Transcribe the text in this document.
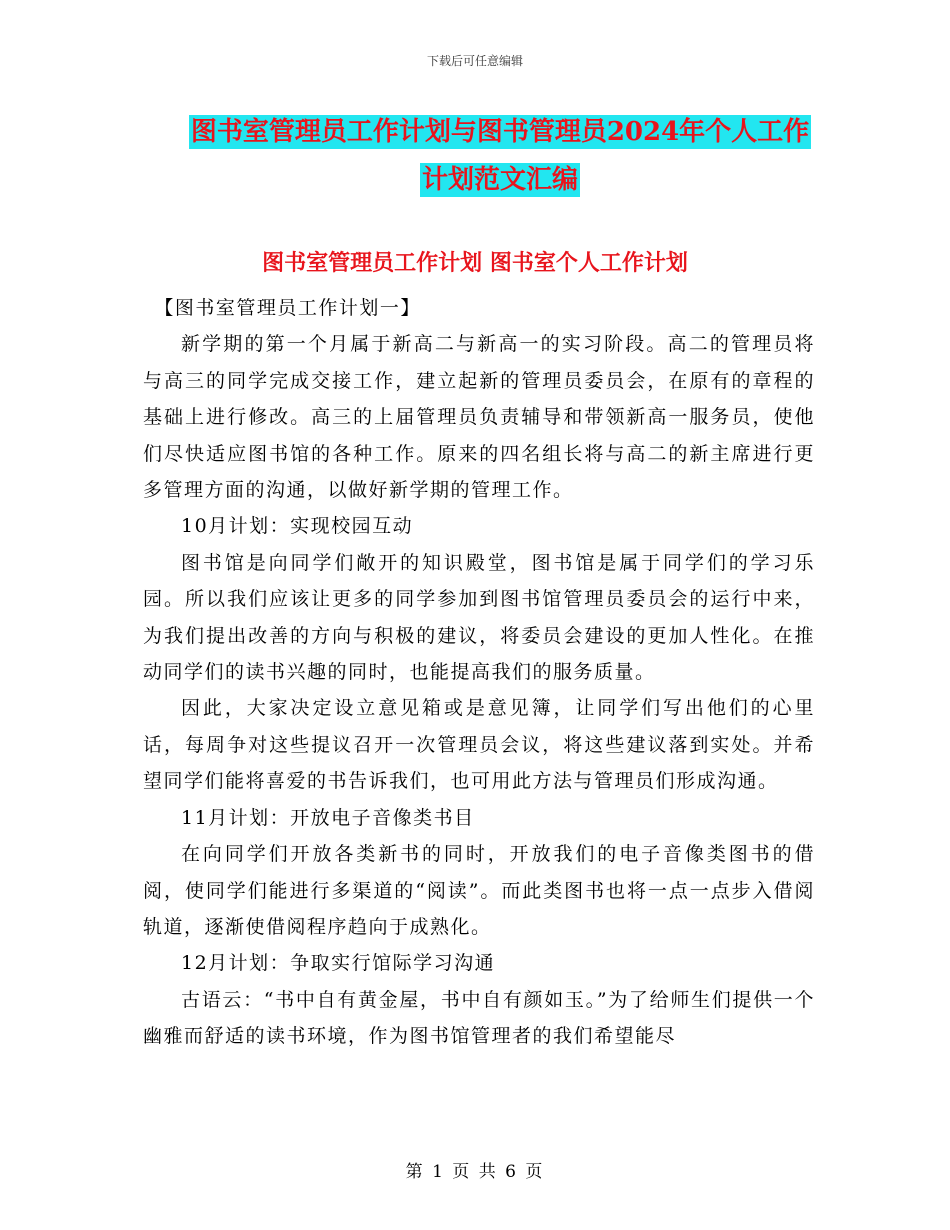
下载后可任意编辑
图书室管理员工作计划与图书管理员2024年个人工作
计划范文汇编
图书室管理员工作计划 图书室个人工作计划

【图书室管理员工作计划一】

新学期的第一个月属于新高二与新高一的实习阶段。高二的管理员将与高三的同学完成交接工作，建立起新的管理员委员会，在原有的章程的基础上进行修改。高三的上届管理员负责辅导和带领新高一服务员，使他们尽快适应图书馆的各种工作。原来的四名组长将与高二的新主席进行更多管理方面的沟通，以做好新学期的管理工作。

10月计划：实现校园互动

图书馆是向同学们敞开的知识殿堂，图书馆是属于同学们的学习乐园。所以我们应该让更多的同学参加到图书馆管理员委员会的运行中来，为我们提出改善的方向与积极的建议，将委员会建设的更加人性化。在推动同学们的读书兴趣的同时，也能提高我们的服务质量。

因此，大家决定设立意见箱或是意见簿，让同学们写出他们的心里话，每周争对这些提议召开一次管理员会议，将这些建议落到实处。并希望同学们能将喜爱的书告诉我们，也可用此方法与管理员们形成沟通。

11月计划：开放电子音像类书目

在向同学们开放各类新书的同时，开放我们的电子音像类图书的借阅，使同学们能进行多渠道的“阅读”。而此类图书也将一点一点步入借阅轨道，逐渐使借阅程序趋向于成熟化。

12月计划：争取实行馆际学习沟通

古语云：“书中自有黄金屋，书中自有颜如玉。”为了给师生们提供一个幽雅而舒适的读书环境，作为图书馆管理者的我们希望能尽

第 1 页 共 6 页
